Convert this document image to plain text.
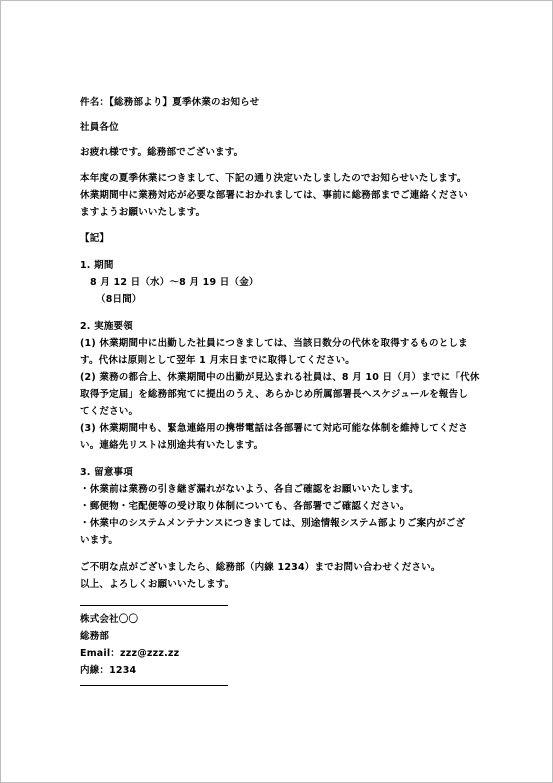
件名：【総務部より】夏季休業のお知らせ
社員各位
お疲れ様です。総務部でございます。
本年度の夏季休業につきまして、下記の通り決定いたしましたのでお知らせいたします。
休業期間中に業務対応が必要な部署におかれましては、事前に総務部までご連絡ください
ますようお願いいたします。
【記】
1. 期間
8 月 12 日（水）～8 月 19 日（金）
（8日間）
2. 実施要領
(1) 休業期間中に出勤した社員につきましては、当該日数分の代休を取得するものとしま
す。代休は原則として翌年 1 月末日までに取得してください。
(2) 業務の都合上、休業期間中の出勤が見込まれる社員は、8 月 10 日（月）までに「代休
取得予定届」を総務部宛てに提出のうえ、あらかじめ所属部署長へスケジュールを報告し
てください。
(3) 休業期間中も、緊急連絡用の携帯電話は各部署にて対応可能な体制を維持してくださ
い。連絡先リストは別途共有いたします。
3. 留意事項
・休業前は業務の引き継ぎ漏れがないよう、各自ご確認をお願いいたします。
・郵便物・宅配便等の受け取り体制についても、各部署でご確認ください。
・休業中のシステムメンテナンスにつきましては、別途情報システム部よりご案内がござ
います。
ご不明な点がございましたら、総務部（内線 1234）までお問い合わせください。
以上、よろしくお願いいたします。
株式会社〇〇
総務部
Email：zzz@zzz.zz
内線：1234
